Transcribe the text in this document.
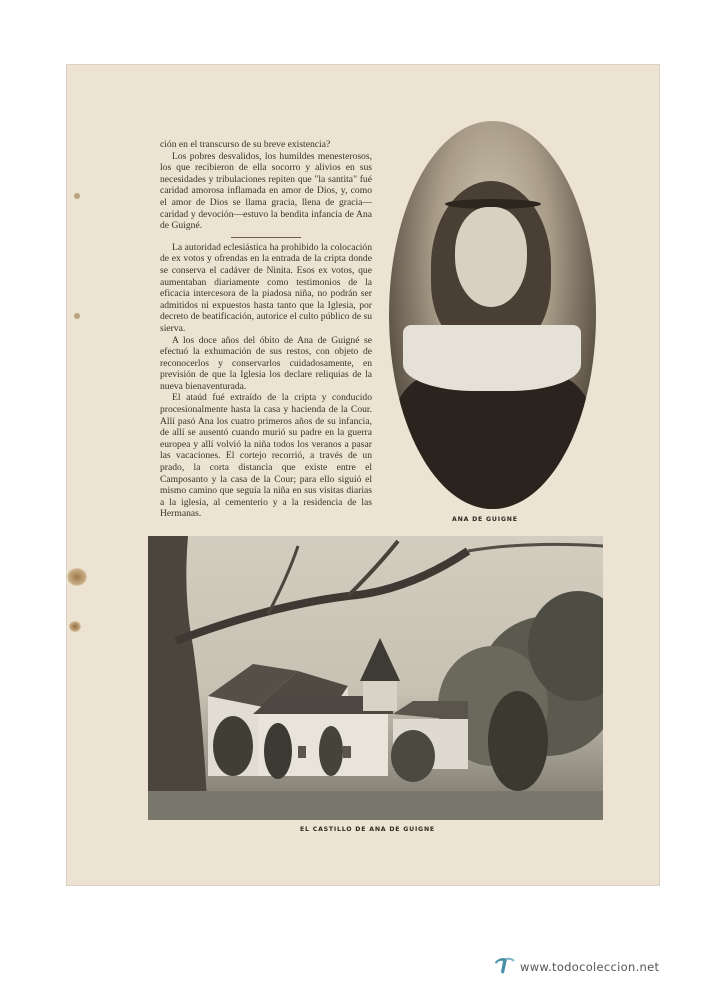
ción en el transcurso de su breve existencia?

Los pobres desvalidos, los humildes menesterosos, los que recibieron de ella socorro y alivios en sus necesidades y tribulaciones repiten que "la santita" fué caridad amorosa inflamada en amor de Dios, y, como el amor de Dios se llama gracia, llena de gracia—caridad y devoción—estuvo la bendita infancia de Ana de Guigné.

La autoridad eclesiástica ha prohibido la colocación de ex votos y ofrendas en la entrada de la cripta donde se conserva el cadáver de Ninita. Esos ex votos, que aumentaban diariamente como testimonios de la eficacia intercesora de la piadosa niña, no podrán ser admitidos ni expuestos hasta tanto que la Iglesia, por decreto de beatificación, autorice el culto público de su sierva.

A los doce años del óbito de Ana de Guigné se efectuó la exhumación de sus restos, con objeto de reconocerlos y conservarlos cuidadosamente, en previsión de que la Iglesia los declare reliquias de la nueva bienaventurada.

El ataúd fué extraído de la cripta y conducido procesionalmente hasta la casa y hacienda de la Cour. Allí pasó Ana los cuatro primeros años de su infancia, de allí se ausentó cuando murió su padre en la guerra europea y allí volvió la niña todos los veranos a pasar las vacaciones. El cortejo recorrió, a través de un prado, la corta distancia que existe entre el Camposanto y la casa de la Cour; para ello siguió el mismo camino que seguía la niña en sus visitas diarias a la iglesia, al cementerio y a la residencia de las Hermanas.

ANA DE GUIGNE
EL CASTILLO DE ANA DE GUIGNE
www.todocoleccion.net
